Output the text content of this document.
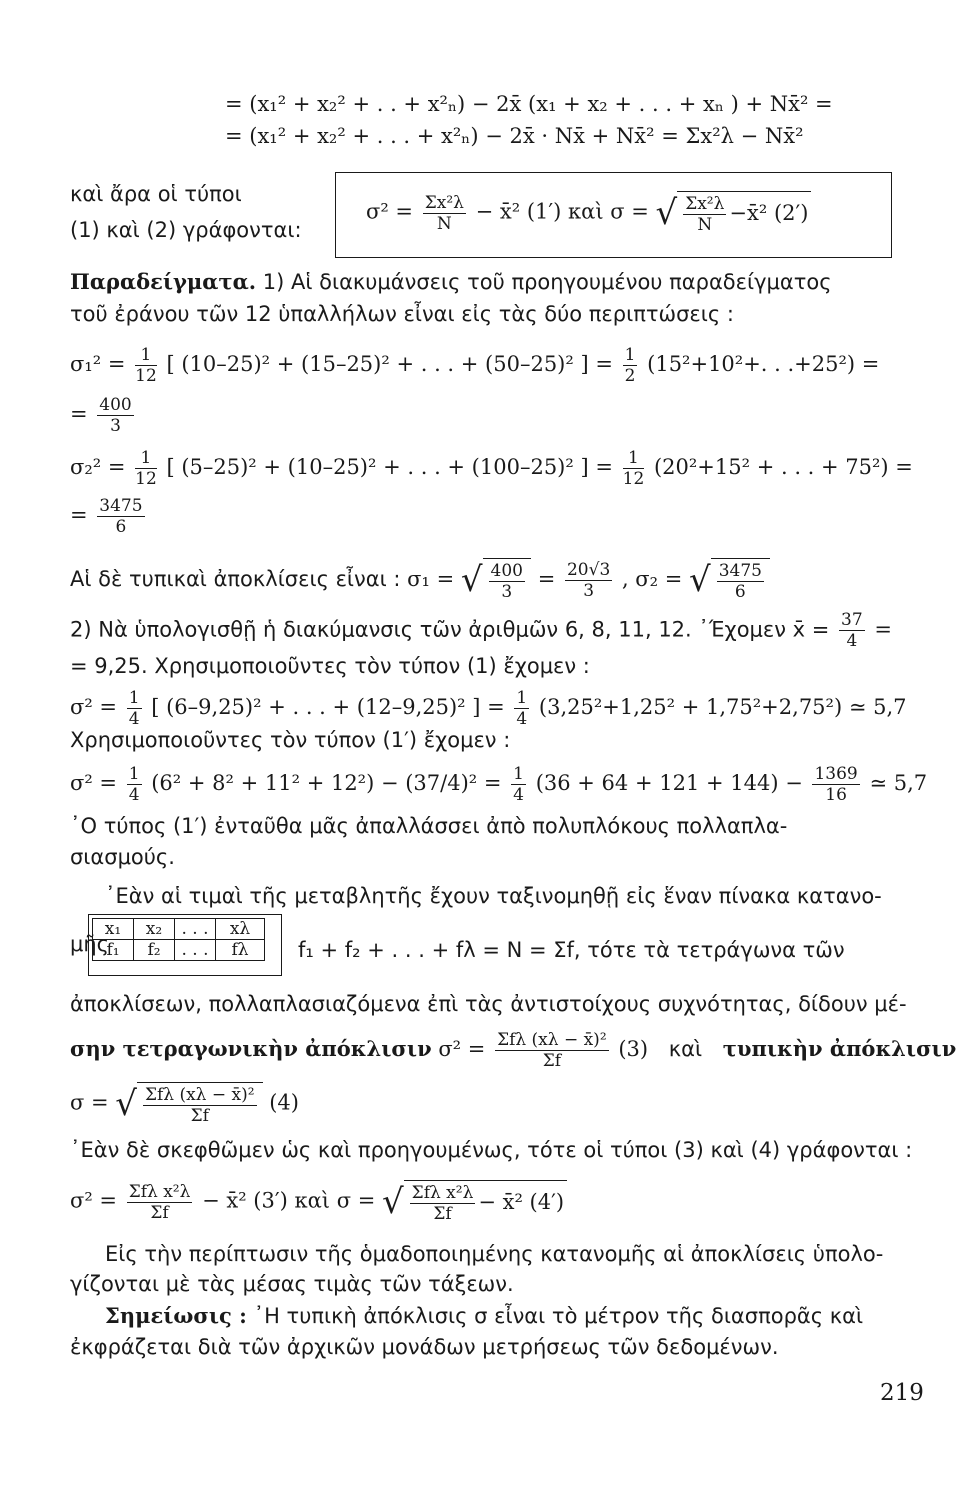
= (x₁² + x₂² + . . + x²ₙ) − 2x̄ (x₁ + x₂ + . . . + xₙ ) + Nx̄² =
= (x₁² + x₂² + . . . + x²ₙ) − 2x̄ · Nx̄ + Nx̄² = Σx²λ − Nx̄²
καὶ ἄρα οἱ τύποι
(1) καὶ (2) γράφονται:
$\sigma^2 = \frac{\text{Σx²λ}}{N}$ − x̄² (1′) καὶ σ = √ $\frac{\text{Σx²λ}}{N}$ −x̄² (2′)
Παραδείγματα. 1) Αἱ διακυμάνσεις τοῦ προηγουμένου παραδείγματος
τοῦ ἐράνου τῶν 12 ὑπαλλήλων εἶναι εἰς τὰς δύο περιπτώσεις :
$\sigma_1^2 = \frac{1}{12}$ [ (10–25)² + (15–25)² + . . . + (50–25)² ] = $\frac{1}{2} (15^2+10^2+$. . .+25²) =
= $\frac{400}{3}$
$\sigma_2^2 = \frac{1}{12}$ [ (5–25)² + (10–25)² + . . . + (100–25)² ] = $\frac{1}{12} (20^2+15^2$ + . . . + 75²) =
= $\frac{3475}{6}$
Αἱ δὲ τυπικαὶ ἀποκλίσεις εἶναι : σ₁ = √ $\frac{400}{3} = \frac{20√3}{3}$ , σ₂ = √ $\frac{3475}{6}$
2) Νὰ ὑπολογισθῇ ἡ διακύμανσις τῶν ἀριθμῶν 6, 8, 11, 12. ᾿Έχομεν x̄ = $\frac{37}{4}$ =
= 9,25. Χρησιμοποιοῦντες τὸν τύπον (1) ἔχομεν :
$\sigma^2 = \frac{1}{4}$ [ (6–9,25)² + . . . + (12–9,25)² ] = $\frac{1}{4} (3,25^2+1,25^2 + 1,75^2+2,75^2)$ ≃ 5,7
Χρησιμοποιοῦντες τὸν τύπον (1′) ἔχομεν :
$\sigma^2 = \frac{1}{4} (6^2 + 8^2 + 11^2 + 12^2) - (37/4)^2 = \frac{1}{4} (36 + 64 + 121 + 144) - \frac{1369}{16}$ ≃ 5,7
᾿Ο τύπος (1′) ἐνταῦθα μᾶς ἀπαλλάσσει ἀπὸ πολυπλόκους πολλαπλα-
σιασμούς.
᾿Εὰν αἱ τιμαὶ τῆς μεταβλητῆς ἔχουν ταξινομηθῇ εἰς ἕναν πίνακα κατανο-
μῆς
x₁	x₂	. . .	xλ
f₁	f₂	. . .	fλ f₁ + f₂ + . . . + fλ = N = Σf, τότε τὰ τετράγωνα τῶν
ἀποκλίσεων, πολλαπλασιαζόμενα ἐπὶ τὰς ἀντιστοίχους συχνότητας, δίδουν μέ-
σην τετραγωνικὴν ἀπόκλισιν $\sigma^2 = \frac{\text{Σfλ (xλ − x̄)²}}{\Sigma f} (3)$ καὶ τυπικὴν ἀπόκλισιν
σ = √ $\frac{\text{Σfλ (xλ − x̄)²}}{\Sigma f} (4)$
᾿Εὰν δὲ σκεφθῶμεν ὡς καὶ προηγουμένως, τότε οἱ τύποι (3) καὶ (4) γράφονται :
$\sigma^2 = \frac{\text{Σfλ x²λ}}{\Sigma f}$ − x̄² (3′) καὶ σ = √ $\frac{\text{Σfλ x²λ}}{\Sigma f}$ − x̄² (4′)
Εἰς τὴν περίπτωσιν τῆς ὁμαδοποιημένης κατανομῆς αἱ ἀποκλίσεις ὑπολο-
γίζονται μὲ τὰς μέσας τιμὰς τῶν τάξεων.
Σημείωσις : ᾿Η τυπικὴ ἀπόκλισις σ εἶναι τὸ μέτρον τῆς διασπορᾶς καὶ
ἐκφράζεται διὰ τῶν ἀρχικῶν μονάδων μετρήσεως τῶν δεδομένων.
219
